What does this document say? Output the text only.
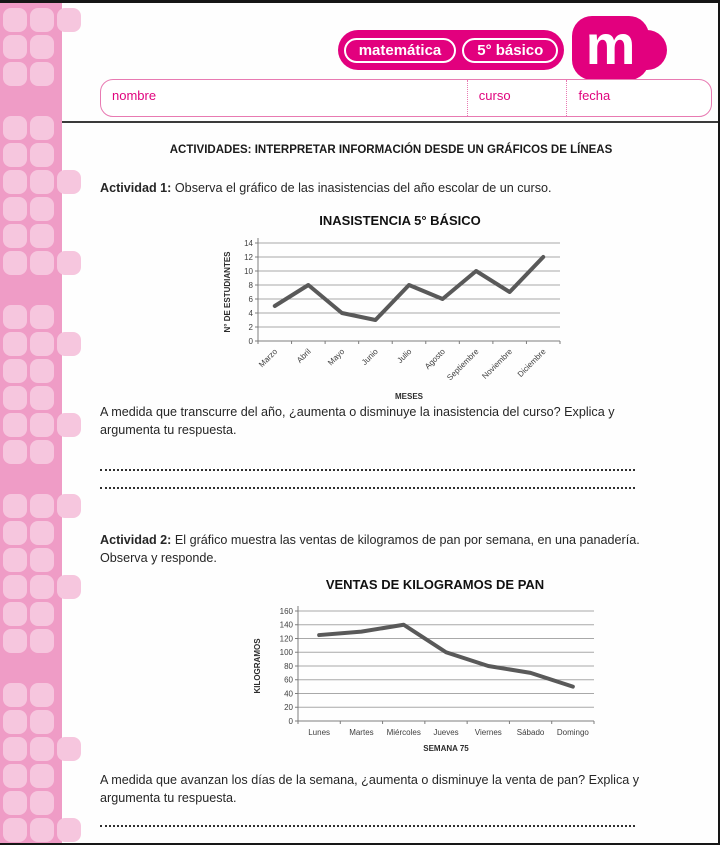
matemática	5° básico m
nombre	curso	fecha
ACTIVIDADES: INTERPRETAR INFORMACIÓN DESDE UN GRÁFICOS DE LÍNEAS
Actividad 1: Observa el gráfico de las inasistencias del año escolar de un curso.
INASISTENCIA 5° BÁSICO
0
2
4
6
8
10
12
14
Marzo Abril Mayo Junio Julio Agosto
Septiembre Noviembre Diciembre
MESES
N° DE ESTUDIANTES
A medida que transcurre del año, ¿aumenta o disminuye la inasistencia del curso? Explica y argumenta tu respuesta.
Actividad 2: El gráfico muestra las ventas de kilogramos de pan por semana, en una panadería. Observa y responde.
VENTAS DE KILOGRAMOS DE PAN
0
20
40
60
80
100
120
140
160
Lunes Martes Miércoles Jueves Viernes Sábado Domingo
SEMANA 75
KILOGRAMOS
A medida que avanzan los días de la semana, ¿aumenta o disminuye la venta de pan? Explica y argumenta tu respuesta.
